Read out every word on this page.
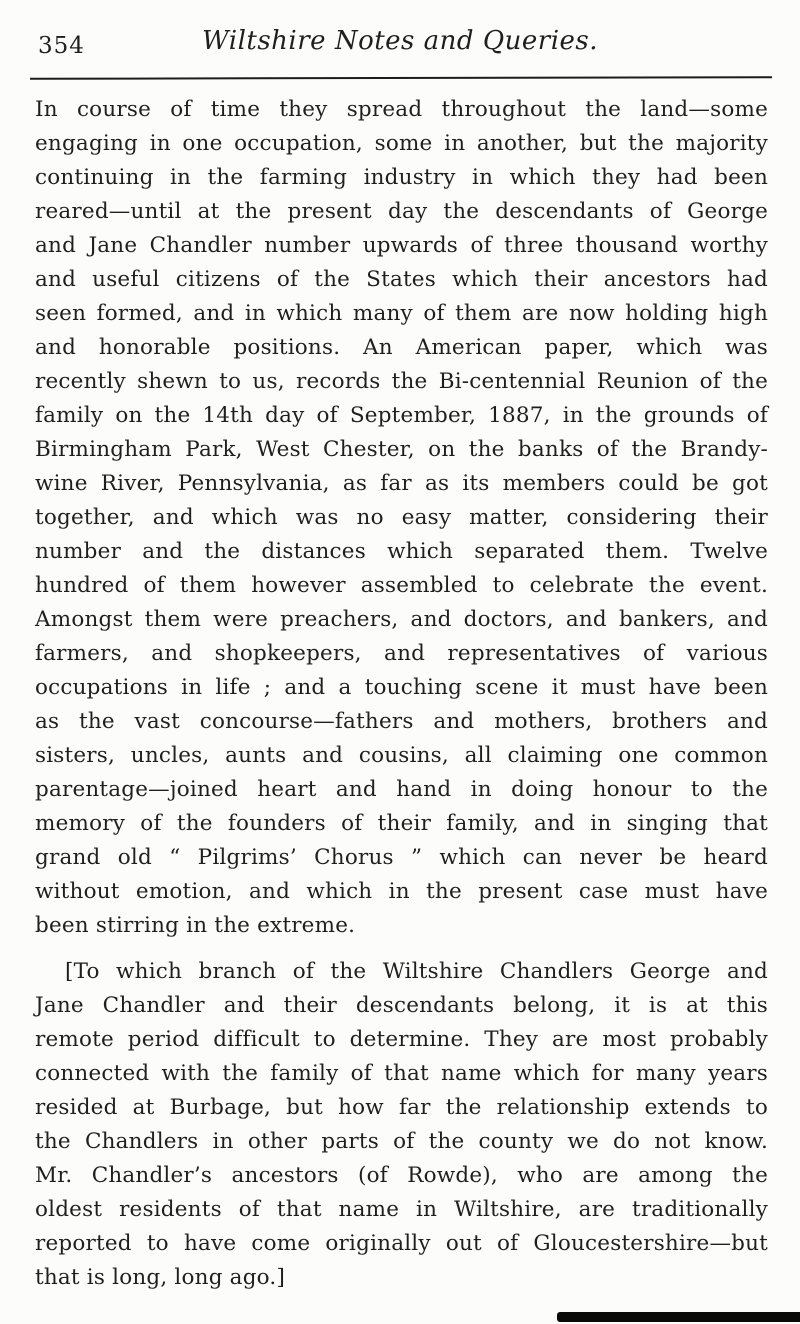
354	Wiltshire Notes and Queries.
In course of time they spread throughout the land—some
engaging in one occupation, some in another, but the majority
continuing in the farming industry in which they had been
reared—until at the present day the descendants of George
and Jane Chandler number upwards of three thousand worthy
and useful citizens of the States which their ancestors had
seen formed, and in which many of them are now holding high
and honorable positions. An American paper, which was
recently shewn to us, records the Bi-centennial Reunion of the
family on the 14th day of September, 1887, in the grounds of
Birmingham Park, West Chester, on the banks of the Brandy-
wine River, Pennsylvania, as far as its members could be got
together, and which was no easy matter, considering their
number and the distances which separated them. Twelve
hundred of them however assembled to celebrate the event.
Amongst them were preachers, and doctors, and bankers, and
farmers, and shopkeepers, and representatives of various
occupations in life ; and a touching scene it must have been
as the vast concourse—fathers and mothers, brothers and
sisters, uncles, aunts and cousins, all claiming one common
parentage—joined heart and hand in doing honour to the
memory of the founders of their family, and in singing that
grand old “ Pilgrims’ Chorus ” which can never be heard
without emotion, and which in the present case must have
been stirring in the extreme.
[To which branch of the Wiltshire Chandlers George and
Jane Chandler and their descendants belong, it is at this
remote period difficult to determine. They are most probably
connected with the family of that name which for many years
resided at Burbage, but how far the relationship extends to
the Chandlers in other parts of the county we do not know.
Mr. Chandler’s ancestors (of Rowde), who are among the
oldest residents of that name in Wiltshire, are traditionally
reported to have come originally out of Gloucestershire—but
that is long, long ago.]
